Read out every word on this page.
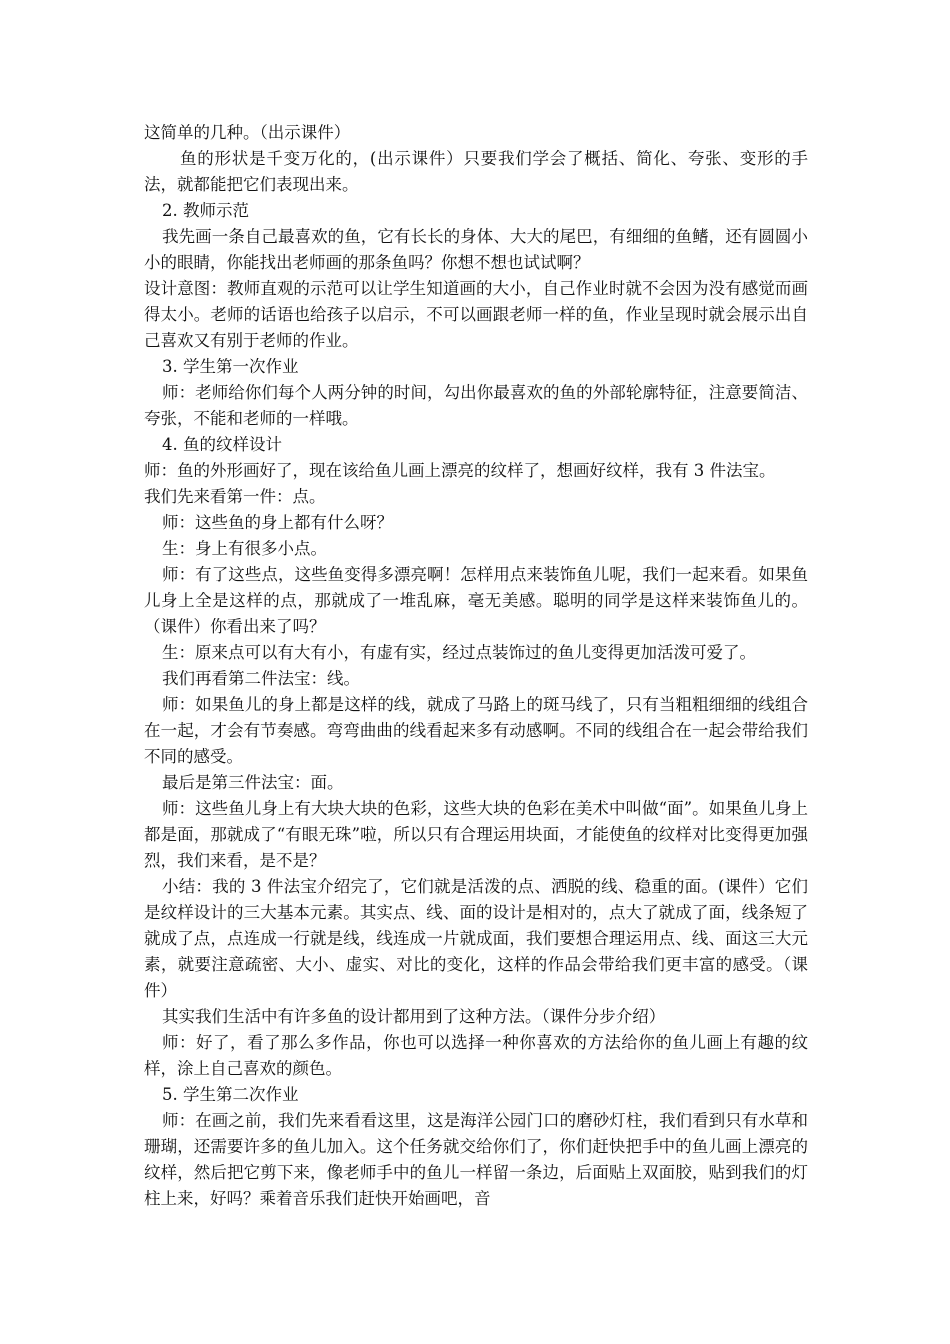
这简单的几种。（出示课件）

鱼的形状是千变万化的，(出示课件）只要我们学会了概括、简化、夸张、变形的手法，就都能把它们表现出来。

2. 教师示范

我先画一条自己最喜欢的鱼，它有长长的身体、大大的尾巴，有细细的鱼鳍，还有圆圆小小的眼睛，你能找出老师画的那条鱼吗？你想不想也试试啊？

设计意图：教师直观的示范可以让学生知道画的大小，自己作业时就不会因为没有感觉而画得太小。老师的话语也给孩子以启示，不可以画跟老师一样的鱼，作业呈现时就会展示出自己喜欢又有别于老师的作业。

3. 学生第一次作业

师：老师给你们每个人两分钟的时间，勾出你最喜欢的鱼的外部轮廓特征，注意要简洁、夸张，不能和老师的一样哦。

4. 鱼的纹样设计

师：鱼的外形画好了，现在该给鱼儿画上漂亮的纹样了，想画好纹样，我有 3 件法宝。

我们先来看第一件：点。

师：这些鱼的身上都有什么呀？

生：身上有很多小点。

师：有了这些点，这些鱼变得多漂亮啊！怎样用点来装饰鱼儿呢，我们一起来看。如果鱼儿身上全是这样的点，那就成了一堆乱麻，毫无美感。聪明的同学是这样来装饰鱼儿的。（课件）你看出来了吗？

生：原来点可以有大有小，有虚有实，经过点装饰过的鱼儿变得更加活泼可爱了。

我们再看第二件法宝：线。

师：如果鱼儿的身上都是这样的线，就成了马路上的斑马线了，只有当粗粗细细的线组合在一起，才会有节奏感。弯弯曲曲的线看起来多有动感啊。不同的线组合在一起会带给我们不同的感受。

最后是第三件法宝：面。

师：这些鱼儿身上有大块大块的色彩，这些大块的色彩在美术中叫做“面”。如果鱼儿身上都是面，那就成了“有眼无珠”啦，所以只有合理运用块面，才能使鱼的纹样对比变得更加强烈，我们来看，是不是？

小结：我的 3 件法宝介绍完了，它们就是活泼的点、洒脱的线、稳重的面。(课件）它们是纹样设计的三大基本元素。其实点、线、面的设计是相对的，点大了就成了面，线条短了就成了点，点连成一行就是线，线连成一片就成面，我们要想合理运用点、线、面这三大元素，就要注意疏密、大小、虚实、对比的变化，这样的作品会带给我们更丰富的感受。（课件）

其实我们生活中有许多鱼的设计都用到了这种方法。（课件分步介绍）

师：好了，看了那么多作品，你也可以选择一种你喜欢的方法给你的鱼儿画上有趣的纹样，涂上自己喜欢的颜色。

5. 学生第二次作业

师：在画之前，我们先来看看这里，这是海洋公园门口的磨砂灯柱，我们看到只有水草和珊瑚，还需要许多的鱼儿加入。这个任务就交给你们了，你们赶快把手中的鱼儿画上漂亮的纹样，然后把它剪下来，像老师手中的鱼儿一样留一条边，后面贴上双面胶，贴到我们的灯柱上来，好吗？乘着音乐我们赶快开始画吧，音
